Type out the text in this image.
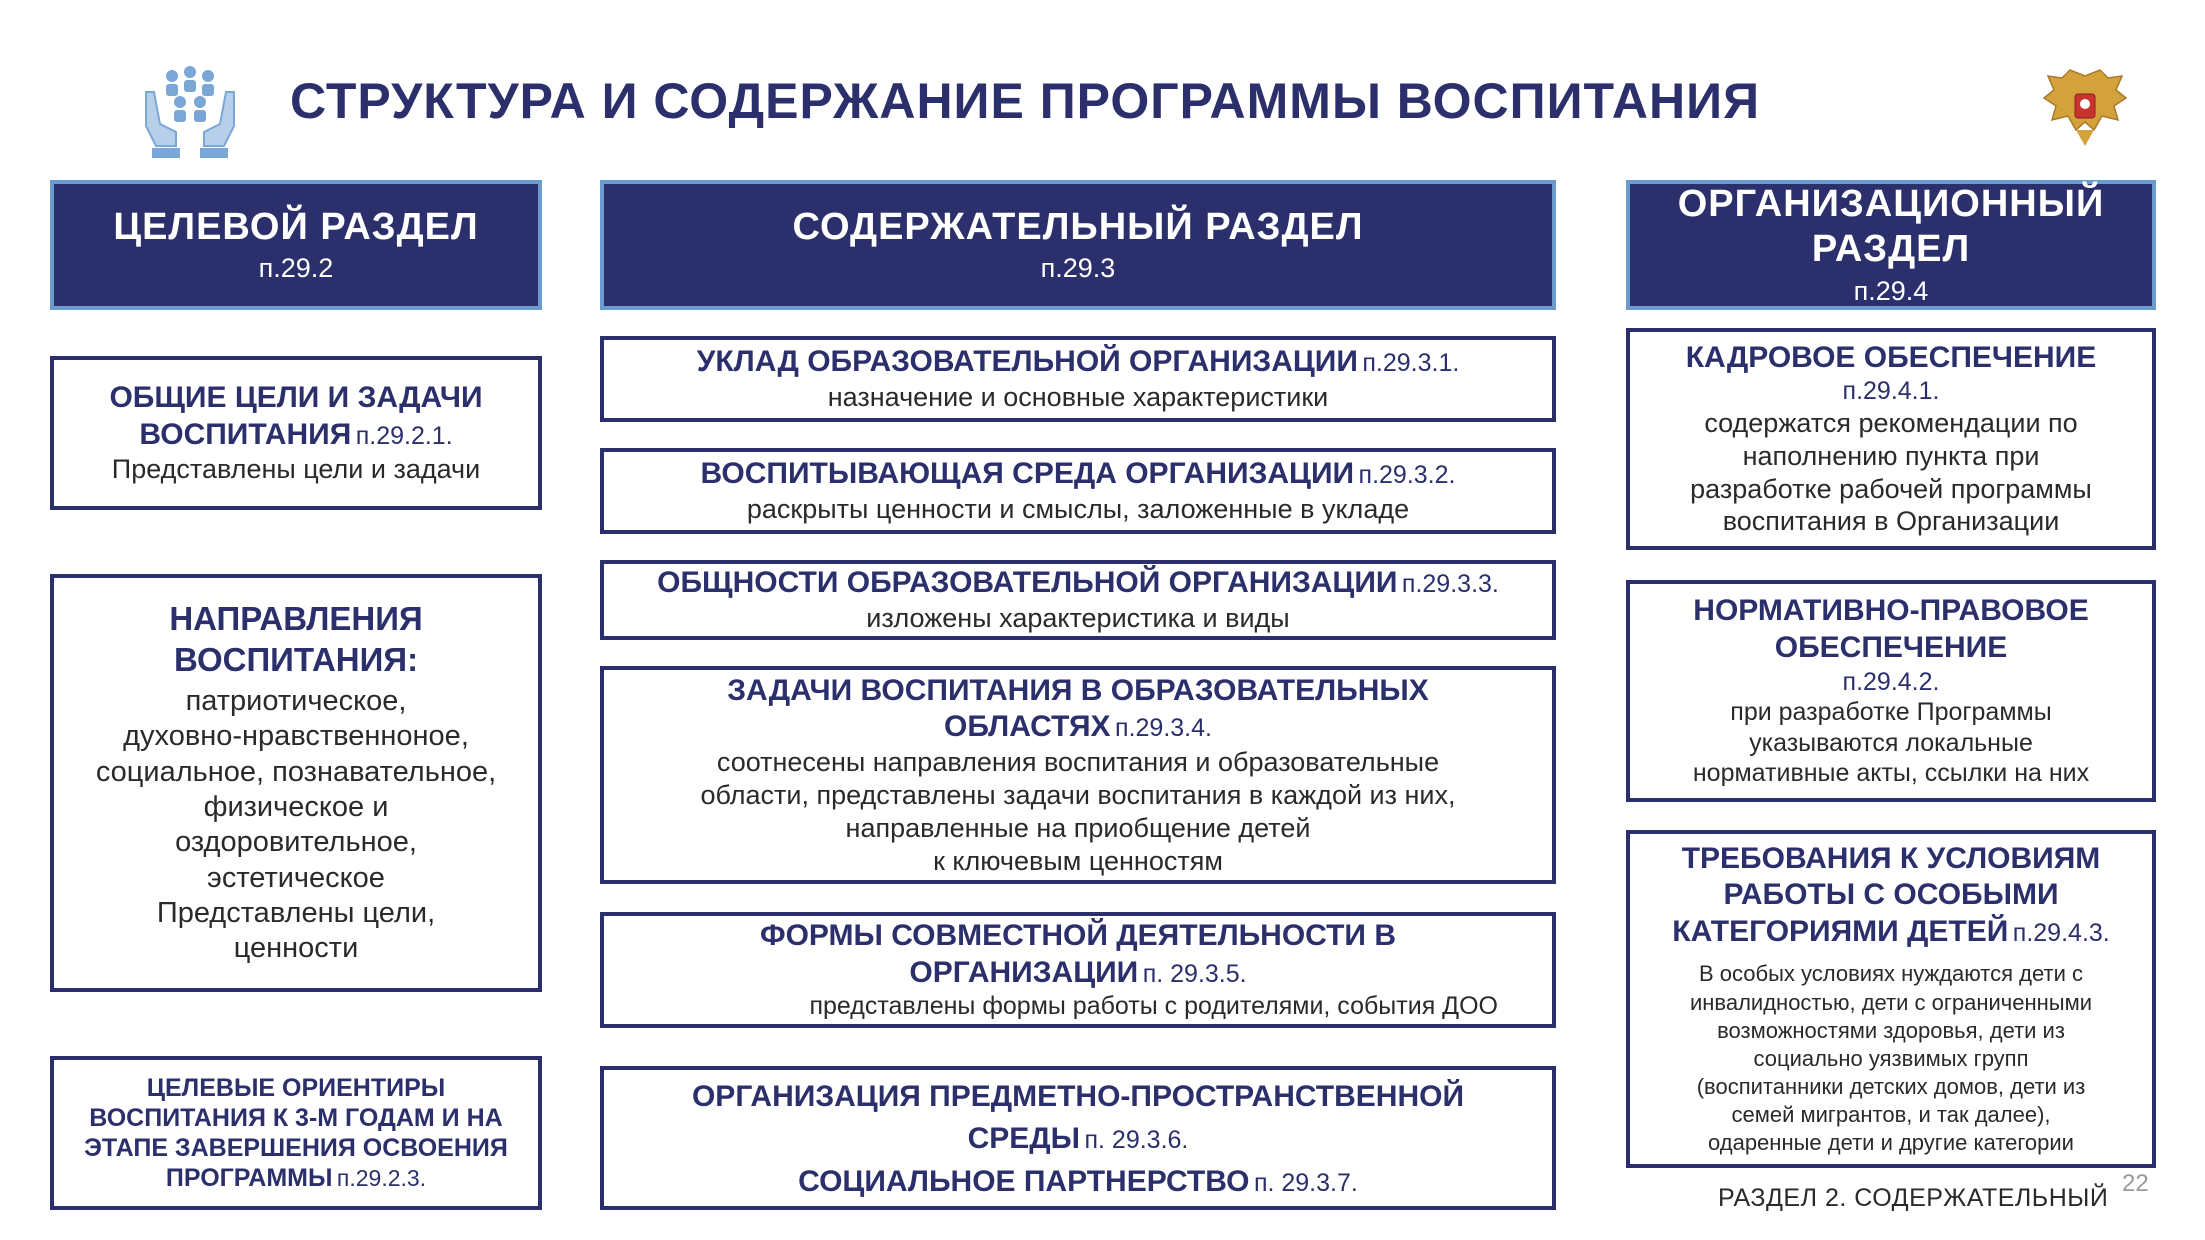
СТРУКТУРА И СОДЕРЖАНИЕ ПРОГРАММЫ ВОСПИТАНИЯ
ЦЕЛЕВОЙ РАЗДЕЛ
п.29.2
СОДЕРЖАТЕЛЬНЫЙ РАЗДЕЛ
п.29.3
ОРГАНИЗАЦИОННЫЙ РАЗДЕЛ
п.29.4
ОБЩИЕ ЦЕЛИ И ЗАДАЧИ ВОСПИТАНИЯ п.29.2.1.
Представлены цели и задачи
НАПРАВЛЕНИЯ ВОСПИТАНИЯ:
патриотическое,
духовно-нравственноное,
социальное, познавательное,
физическое и
оздоровительное,
эстетическое
Представлены цели,
ценности
ЦЕЛЕВЫЕ ОРИЕНТИРЫ ВОСПИТАНИЯ К 3-М ГОДАМ И НА ЭТАПЕ ЗАВЕРШЕНИЯ ОСВОЕНИЯ ПРОГРАММЫ п.29.2.3.
УКЛАД ОБРАЗОВАТЕЛЬНОЙ ОРГАНИЗАЦИИ п.29.3.1.
назначение и основные характеристики
ВОСПИТЫВАЮЩАЯ СРЕДА ОРГАНИЗАЦИИ п.29.3.2.
раскрыты ценности и смыслы, заложенные в укладе
ОБЩНОСТИ ОБРАЗОВАТЕЛЬНОЙ ОРГАНИЗАЦИИ п.29.3.3.
изложены характеристика и виды
ЗАДАЧИ ВОСПИТАНИЯ В ОБРАЗОВАТЕЛЬНЫХ ОБЛАСТЯХ п.29.3.4.
соотнесены направления воспитания и образовательные
области, представлены задачи воспитания в каждой из них,
направленные на приобщение детей
к ключевым ценностям
ФОРМЫ СОВМЕСТНОЙ ДЕЯТЕЛЬНОСТИ В ОРГАНИЗАЦИИ п. 29.3.5.
представлены формы работы с родителями, события ДОО
ОРГАНИЗАЦИЯ ПРЕДМЕТНО-ПРОСТРАНСТВЕННОЙ СРЕДЫ п. 29.3.6.
СОЦИАЛЬНОЕ ПАРТНЕРСТВО п. 29.3.7.
КАДРОВОЕ ОБЕСПЕЧЕНИЕ
п.29.4.1.
содержатся рекомендации по
наполнению пункта при
разработке рабочей программы
воспитания в Организации
НОРМАТИВНО-ПРАВОВОЕ ОБЕСПЕЧЕНИЕ
п.29.4.2.
при разработке Программы
указываются локальные
нормативные акты, ссылки на них
ТРЕБОВАНИЯ К УСЛОВИЯМ РАБОТЫ С ОСОБЫМИ КАТЕГОРИЯМИ ДЕТЕЙ п.29.4.3.
В особых условиях нуждаются дети с
инвалидностью, дети с ограниченными
возможностями здоровья, дети из
социально уязвимых групп
(воспитанники детских домов, дети из
семей мигрантов, и так далее),
одаренные дети и другие категории
РАЗДЕЛ 2. СОДЕРЖАТЕЛЬНЫЙ
22
